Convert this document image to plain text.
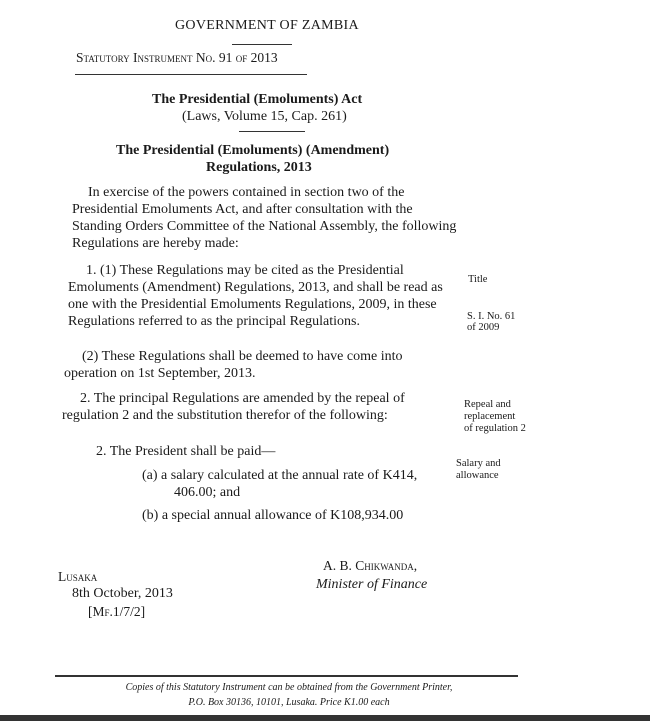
GOVERNMENT OF ZAMBIA
Statutory Instrument No. 91 of 2013
The Presidential (Emoluments) Act
(Laws, Volume 15, Cap. 261)
The Presidential (Emoluments) (Amendment)
Regulations, 2013
In exercise of the powers contained in section two of the
Presidential Emoluments Act, and after consultation with the
Standing Orders Committee of the National Assembly, the following
Regulations are hereby made:
1. (1) These Regulations may be cited as the Presidential
Emoluments (Amendment) Regulations, 2013, and shall be read as
one with the Presidential Emoluments Regulations, 2009, in these
Regulations referred to as the principal Regulations.
(2) These Regulations shall be deemed to have come into
operation on 1st September, 2013.
2. The principal Regulations are amended by the repeal of
regulation 2 and the substitution therefor of the following:
2. The President shall be paid—
(a) a salary calculated at the annual rate of K414,
406.00; and
(b) a special annual allowance of K108,934.00
Title
S. I. No. 61
of 2009
Repeal and replacement of regulation 2
Salary and allowance
Lusaka
8th October, 2013
[Mf.1/7/2]
A. B. Chikwanda,
Minister of Finance
Copies of this Statutory Instrument can be obtained from the Government Printer,
P.O. Box 30136, 10101, Lusaka. Price K1.00 each
